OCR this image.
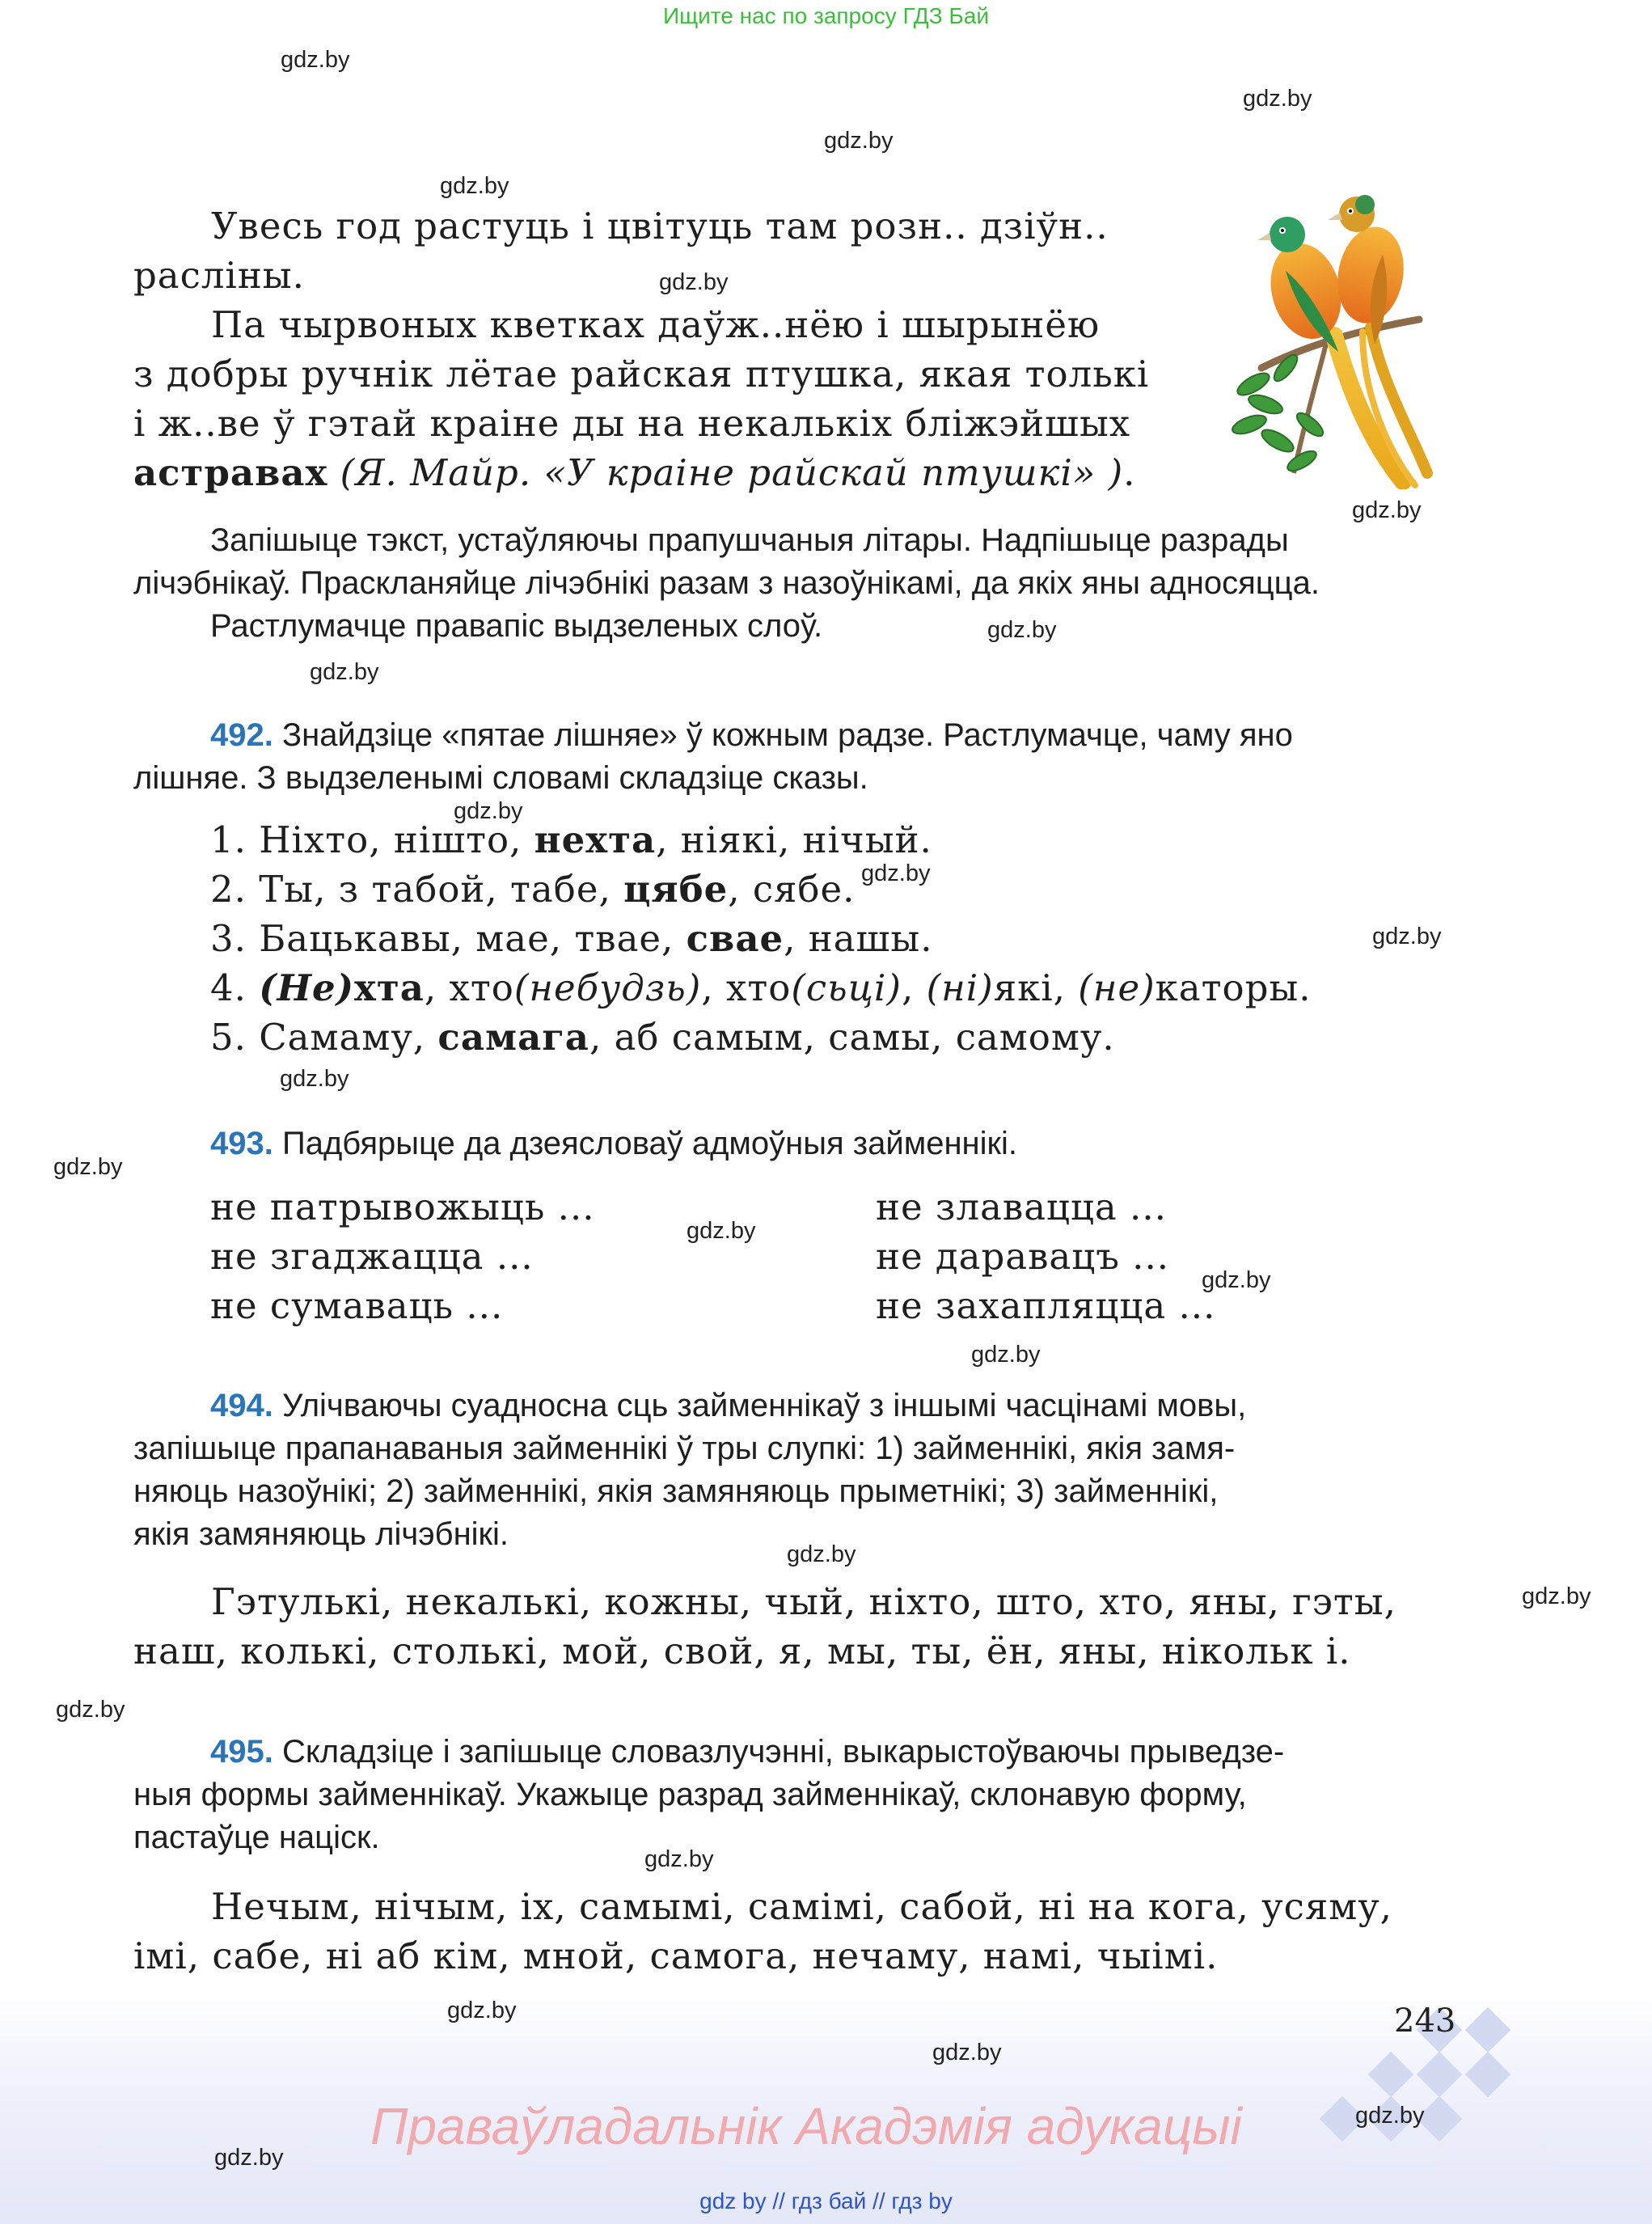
Ищите нас по запросу ГДЗ Бай
gdz.by
gdz.by
gdz.by
gdz.by
gdz.by
gdz.by
gdz.by
gdz.by
gdz.by
gdz.by
gdz.by
gdz.by
gdz.by
gdz.by
gdz.by
gdz.by
gdz.by
gdz.by
gdz.by
gdz.by

Увесь год растуць і цвітуць там розн.. дзіўн..

расліны.

Па чырвоных кветках даўж..нёю і шырынёю

з добры ручнік лётае райская птушка, якая толькі

і ж..ве ў гэтай краіне ды на некалькіх бліжэйшых

астравах (Я. Майр. «У краіне райскай птушкі» ).

Запішыце тэкст, устаўляючы прапушчаныя літары. Надпішыце разрады
лічэбнікаў. Праскланяйце лічэбнікі разам з назоўнікамі, да якіх яны адносяцца.
Растлумачце правапіс выдзеленых слоў.
492. Знайдзіце «пятае лішняе» ў кожным радзе. Растлумачце, чаму яно
лішняе. З выдзеленымі словамі складзіце сказы.
1. Ніхто, нішто, нехта, ніякі, нічый.
2. Ты, з табой, табе, цябе, сябе.
3. Бацькавы, мае, твае, свае, нашы.
4. (Не)хта, хто(небудзь), хто(сьці), (ні)які, (не)каторы.
5. Самаму, самага, аб самым, самы, самому.
493. Падбярыце да дзеясловаў адмоўныя займеннікі.
не патрывожыць ...
не згаджацца ...
не сумаваць ...
не злавацца ...
не даравацъ ...
не захапляцца ...
494. Улічваючы суадносна сць займеннікаў з іншымі часцінамі мовы,
запішыце прапанаваныя займеннікі ў тры слупкі: 1) займеннікі, якія замя-
няюць назоўнікі; 2) займеннікі, якія замяняюць прыметнікі; 3) займеннікі,
якія замяняюць лічэбнікі.
Гэтулькі, некалькі, кожны, чый, ніхто, што, хто, яны, гэты,
наш, колькі, столькі, мой, свой, я, мы, ты, ён, яны, нікольк і.
495. Складзіце і запішыце словазлучэнні, выкарыстоўваючы прыведзе-
ныя формы займеннікаў. Укажыце разрад займеннікаў, склонавую форму,
пастаўце націск.
Нечым, нічым, іх, самымі, самімі, сабой, ні на кога, усяму,
імі, сабе, ні аб кім, мной, самога, нечаму, намі, чыімі.
243
gdz.by
gdz.by
gdz.by
gdz.by
Праваўладальнік Акадэмія адукацыі
gdz by // гдз бай // гдз by
